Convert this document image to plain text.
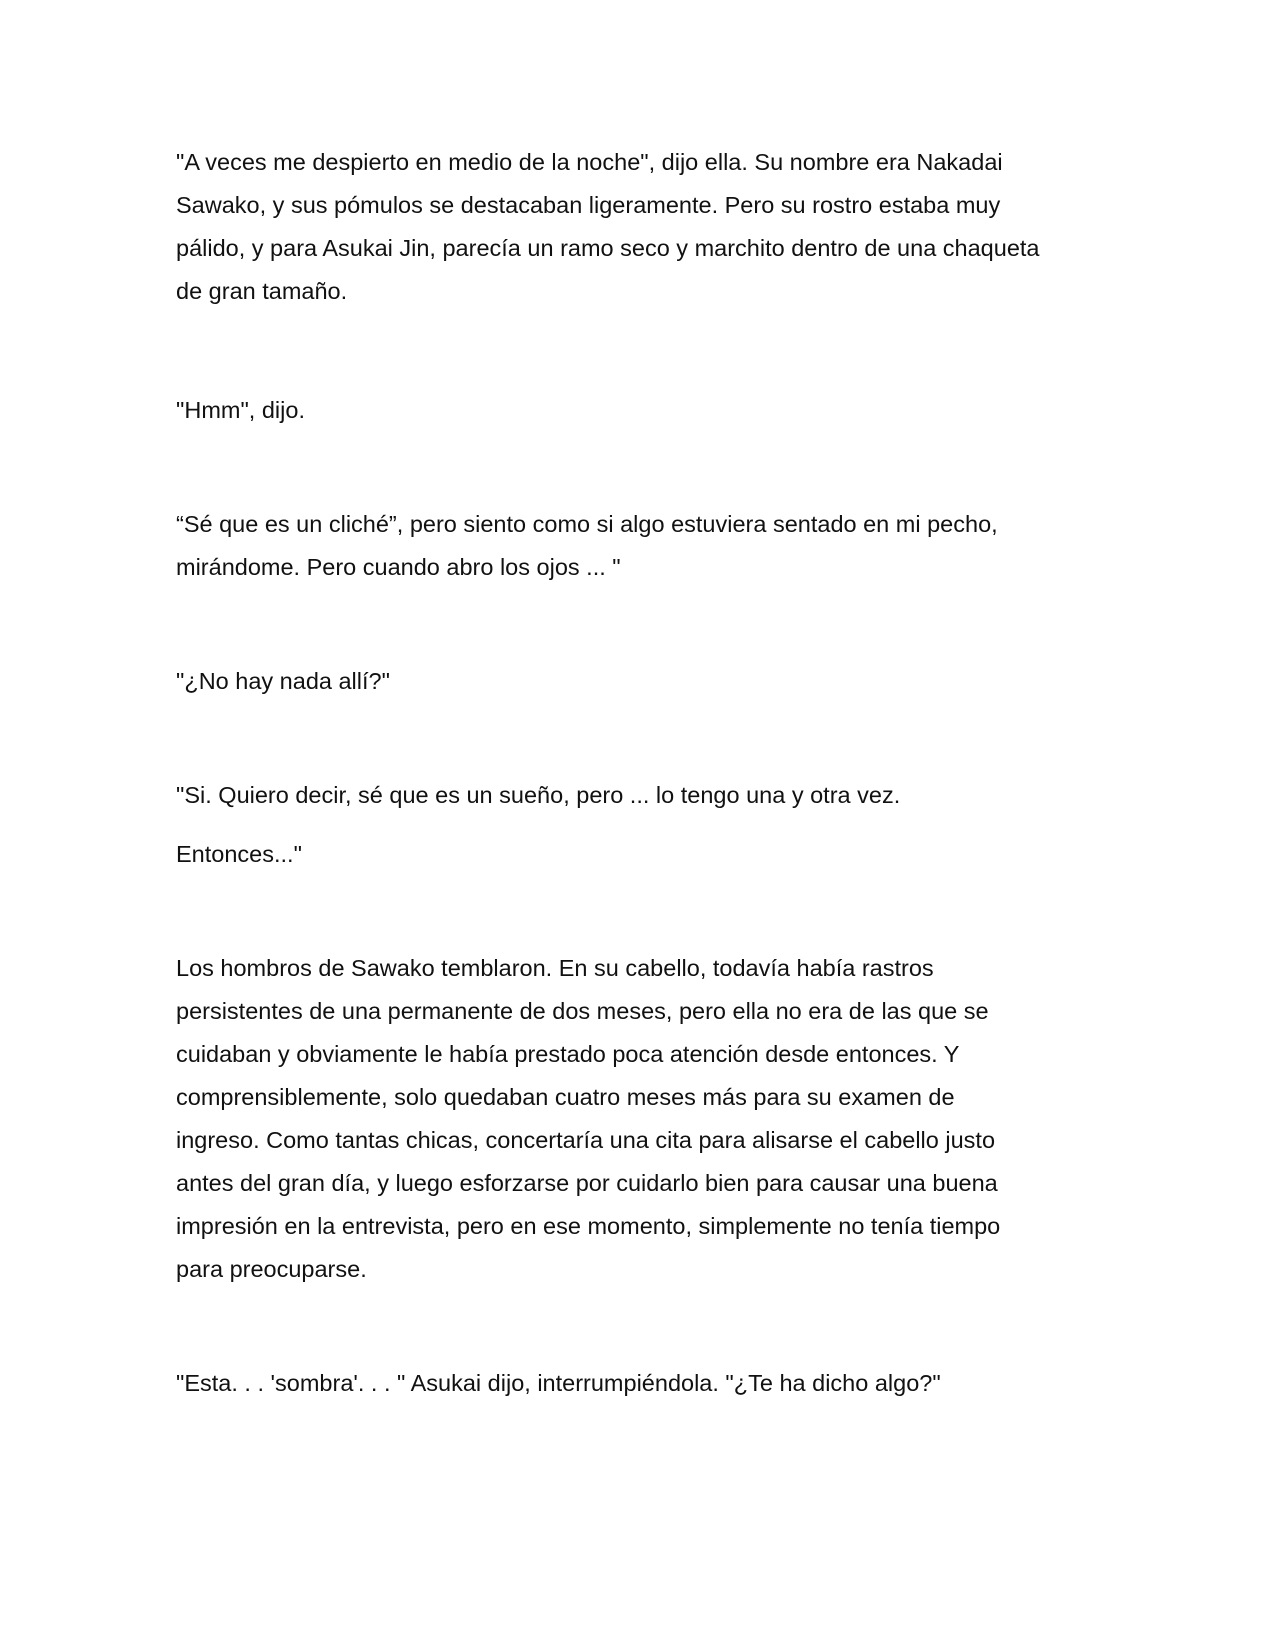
"A veces me despierto en medio de la noche", dijo ella. Su nombre era Nakadai
Sawako, y sus pómulos se destacaban ligeramente. Pero su rostro estaba muy
pálido, y para Asukai Jin, parecía un ramo seco y marchito dentro de una chaqueta
de gran tamaño.

"Hmm", dijo.

“Sé que es un cliché”, pero siento como si algo estuviera sentado en mi pecho,
mirándome. Pero cuando abro los ojos ... "

"¿No hay nada allí?"

"Si. Quiero decir, sé que es un sueño, pero ... lo tengo una y otra vez.

Entonces..."

Los hombros de Sawako temblaron. En su cabello, todavía había rastros
persistentes de una permanente de dos meses, pero ella no era de las que se
cuidaban y obviamente le había prestado poca atención desde entonces. Y
comprensiblemente, solo quedaban cuatro meses más para su examen de
ingreso. Como tantas chicas, concertaría una cita para alisarse el cabello justo
antes del gran día, y luego esforzarse por cuidarlo bien para causar una buena
impresión en la entrevista, pero en ese momento, simplemente no tenía tiempo
para preocuparse.

"Esta. . . 'sombra'. . . " Asukai dijo, interrumpiéndola. "¿Te ha dicho algo?"
